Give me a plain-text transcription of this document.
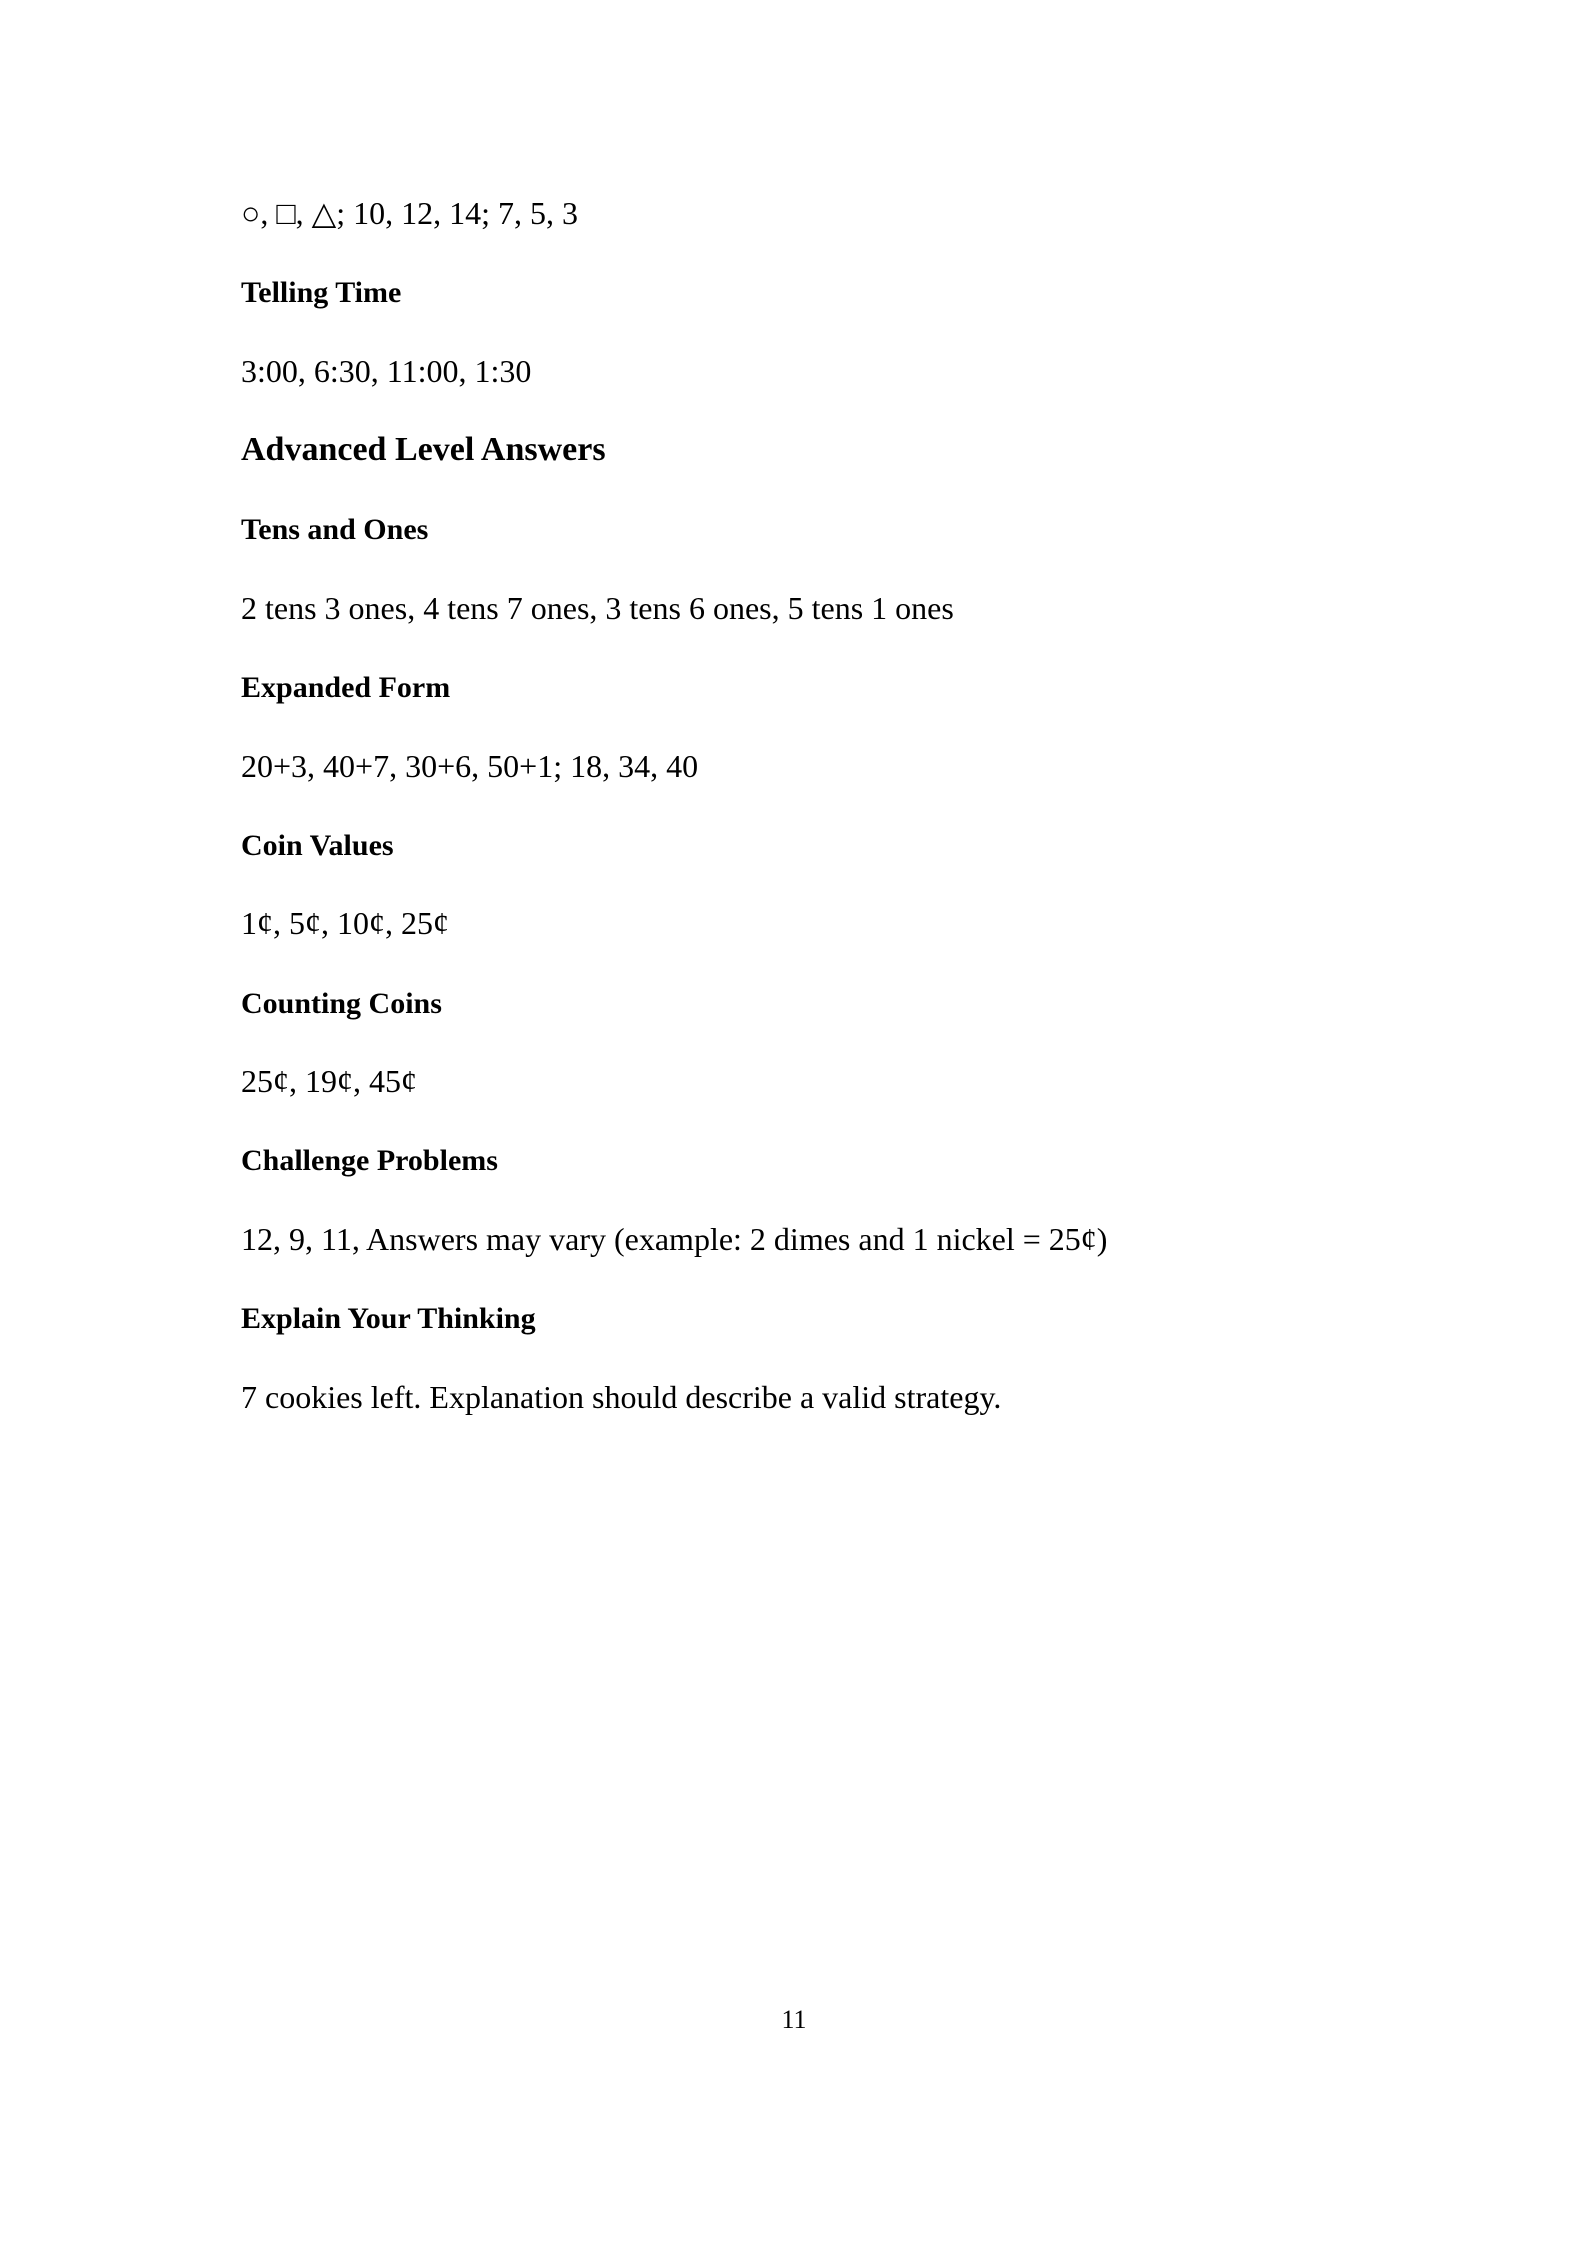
○, □, △; 10, 12, 14; 7, 5, 3

Telling Time

3:00, 6:30, 11:00, 1:30

Advanced Level Answers

Tens and Ones

2 tens 3 ones, 4 tens 7 ones, 3 tens 6 ones, 5 tens 1 ones

Expanded Form

20+3, 40+7, 30+6, 50+1; 18, 34, 40

Coin Values

1¢, 5¢, 10¢, 25¢

Counting Coins

25¢, 19¢, 45¢

Challenge Problems

12, 9, 11, Answers may vary (example: 2 dimes and 1 nickel = 25¢)

Explain Your Thinking

7 cookies left. Explanation should describe a valid strategy.

11
